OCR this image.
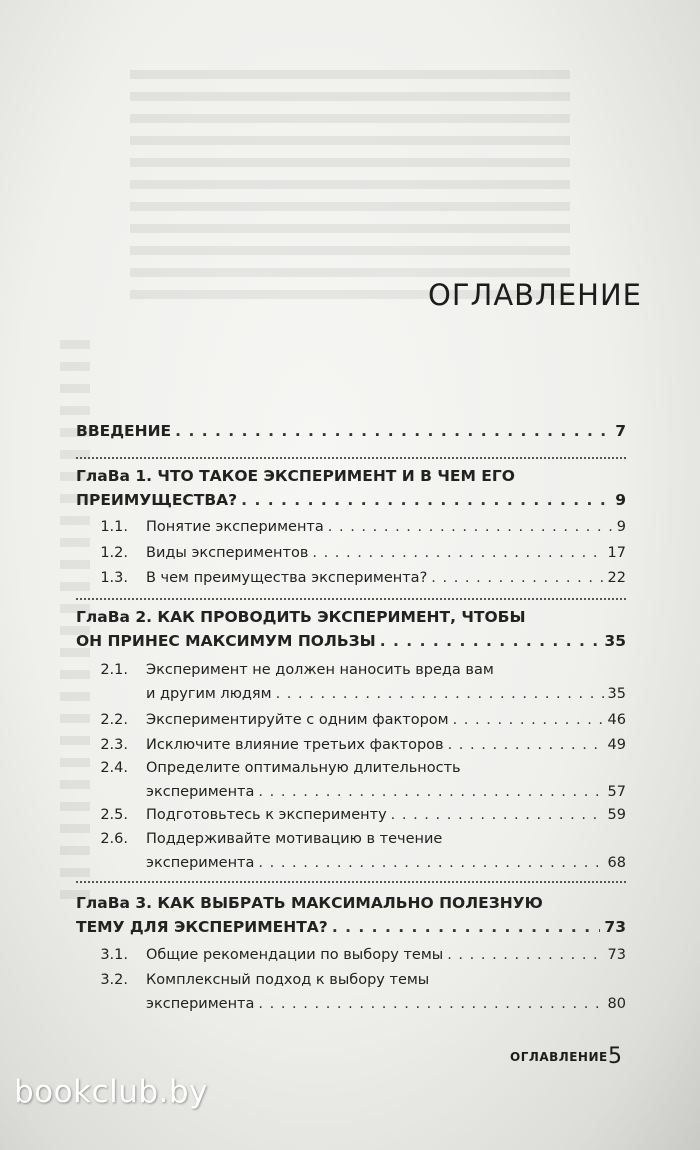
ОГЛАВЛЕНИЕ
ВВЕДЕНИЕ . . .	7
ГлаВа 1. ЧТО ТАКОЕ ЭКСПЕРИМЕНТ И В ЧЕМ ЕГО
ПРЕИМУЩЕСТВА? . . .	9
1.1. Понятие эксперимента . . .	9
1.2. Виды экспериментов . . .	17
1.3. В чем преимущества эксперимента? . . .	22
ГлаВа 2. КАК ПРОВОДИТЬ ЭКСПЕРИМЕНТ, ЧТОБЫ
ОН ПРИНЕС МАКСИМУМ ПОЛЬЗЫ . . .	35
2.1. Эксперимент не должен наносить вреда вам
и другим людям . . .	35
2.2. Экспериментируйте с одним фактором . . .	46
2.3. Исключите влияние третьих факторов . . .	49
2.4. Определите оптимальную длительность
эксперимента . . .	57
2.5. Подготовьтесь к эксперименту . . .	59
2.6. Поддерживайте мотивацию в течение
эксперимента . . .	68
ГлаВа 3. КАК ВЫБРАТЬ МАКСИМАЛЬНО ПОЛЕЗНУЮ
ТЕМУ ДЛЯ ЭКСПЕРИМЕНТА? . . .	73
3.1. Общие рекомендации по выбору темы . . .	73
3.2. Комплексный подход к выбору темы
эксперимента . . .	80
bookclub.by
ОГЛАВЛЕНИЕ 5
